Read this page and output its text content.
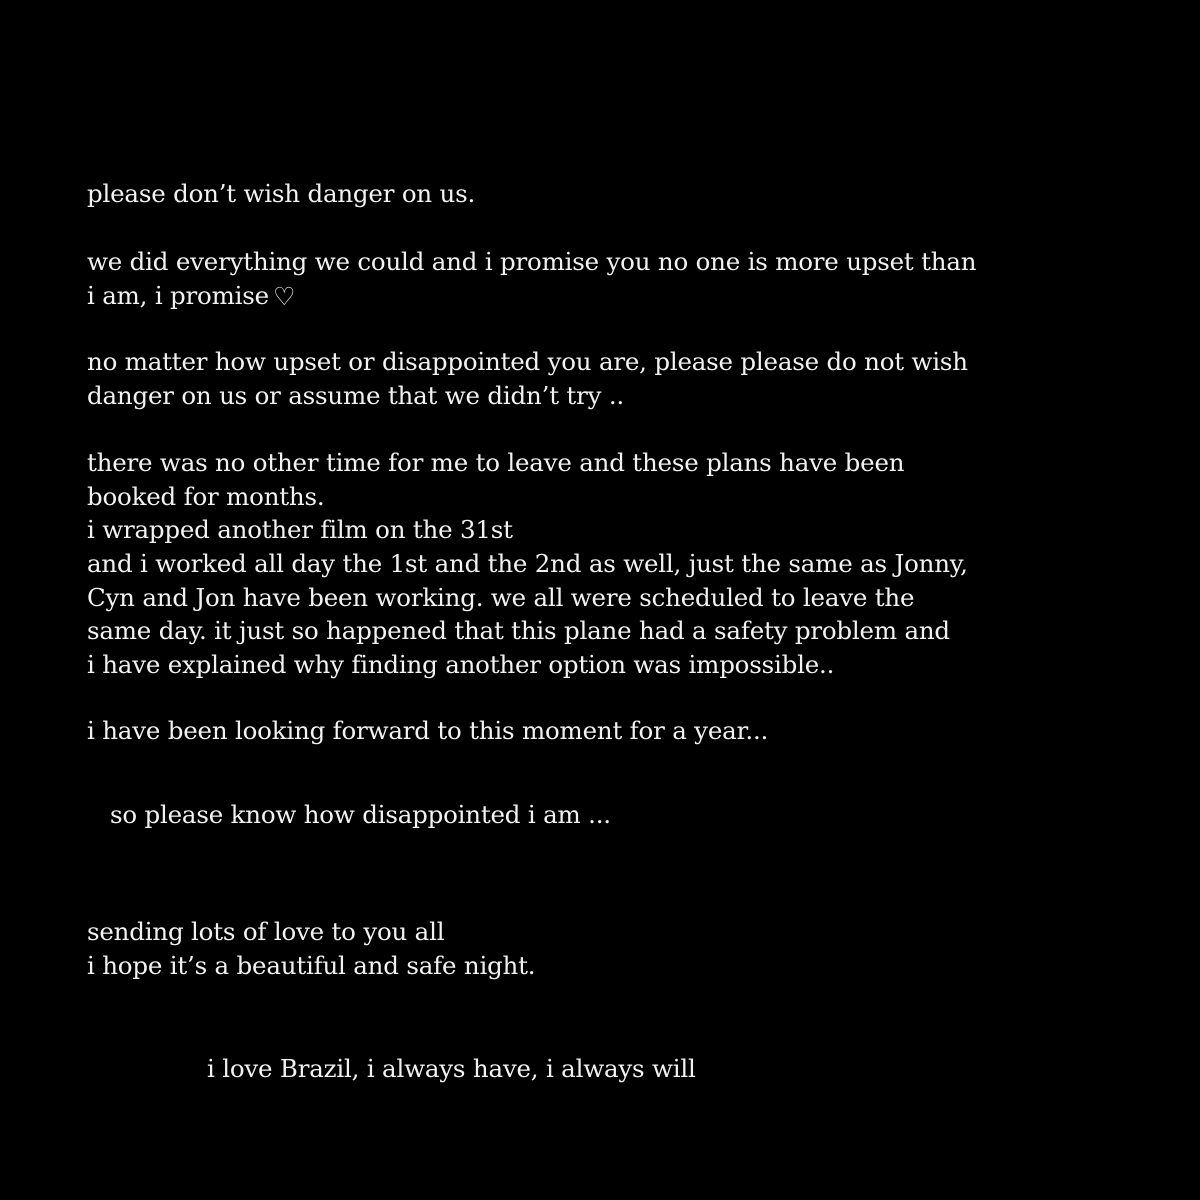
please don’t wish danger on us.
we did everything we could and i promise you no one is more upset than
i am, i promise ♡
no matter how upset or disappointed you are, please please do not wish
danger on us or assume that we didn’t try ..
there was no other time for me to leave and these plans have been
booked for months.
i wrapped another film on the 31st
and i worked all day the 1st and the 2nd as well, just the same as Jonny,
Cyn and Jon have been working. we all were scheduled to leave the
same day. it just so happened that this plane had a safety problem and
i have explained why finding another option was impossible..
i have been looking forward to this moment for a year...
so please know how disappointed i am ...
sending lots of love to you all
i hope it’s a beautiful and safe night.
i love Brazil, i always have, i always will
